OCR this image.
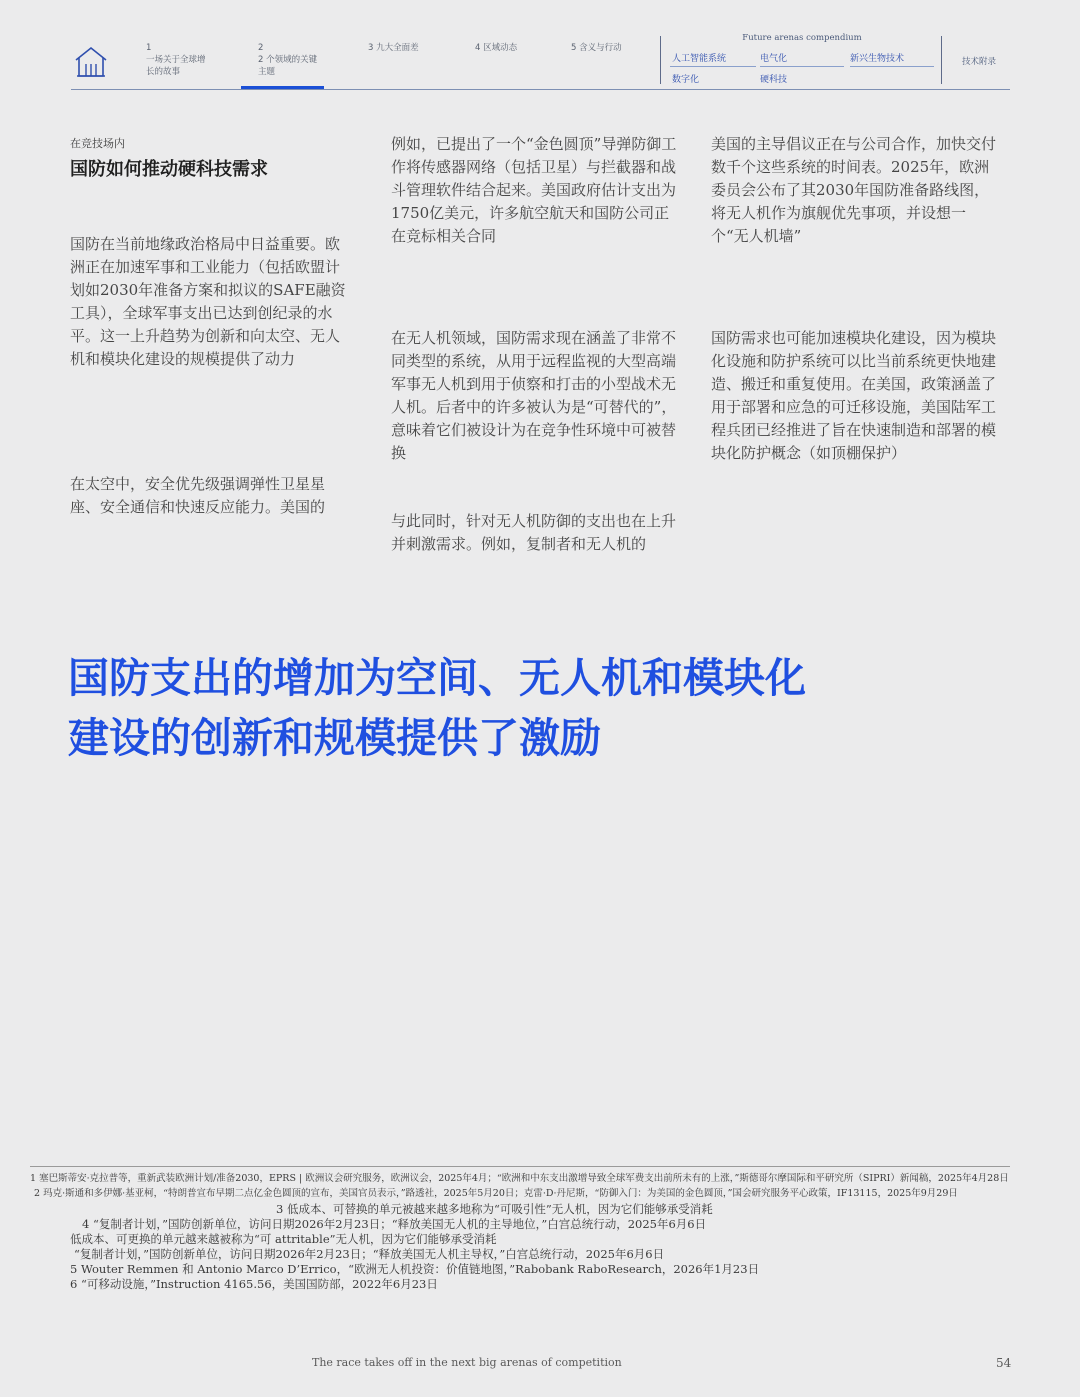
1
一场关于全球增长的故事
2
2 个领域的关键主题
3 九大全面差	4 区域动态	5 含义与行动
Future arenas compendium
人工智能系统	电气化	新兴生物技术
数字化	硬科技
技术附录
在竞技场内
国防如何推动硬科技需求

国防在当前地缘政治格局中日益重要。欧洲正在加速军事和工业能力（包括欧盟计划如2030年准备方案和拟议的SAFE融资工具），全球军事支出已达到创纪录的水平。这一上升趋势为创新和向太空、无人机和模块化建设的规模提供了动力

在太空中，安全优先级强调弹性卫星星座、安全通信和快速反应能力。美国的

例如，已提出了一个“金色圆顶”导弹防御工作将传感器网络（包括卫星）与拦截器和战斗管理软件结合起来。美国政府估计支出为1750亿美元，许多航空航天和国防公司正在竞标相关合同

在无人机领域，国防需求现在涵盖了非常不同类型的系统，从用于远程监视的大型高端军事无人机到用于侦察和打击的小型战术无人机。后者中的许多被认为是“可替代的”，意味着它们被设计为在竞争性环境中可被替换

与此同时，针对无人机防御的支出也在上升并刺激需求。例如，复制者和无人机的

美国的主导倡议正在与公司合作，加快交付数千个这些系统的时间表。2025年，欧洲委员会公布了其2030年国防准备路线图，将无人机作为旗舰优先事项，并设想一个“无人机墙”

国防需求也可能加速模块化建设，因为模块化设施和防护系统可以比当前系统更快地建造、搬迁和重复使用。在美国，政策涵盖了用于部署和应急的可迁移设施，美国陆军工程兵团已经推进了旨在快速制造和部署的模块化防护概念（如顶棚保护）

国防支出的增加为空间、无人机和模块化
建设的创新和规模提供了激励
1 塞巴斯蒂安·克拉普等，重新武装欧洲计划/准备2030，EPRS | 欧洲议会研究服务，欧洲议会，2025年4月；“欧洲和中东支出激增导致全球军费支出前所未有的上涨，”斯德哥尔摩国际和平研究所（SIPRI）新闻稿，2025年4月28日
2 玛克·斯通和多伊娜·基亚柯，“特朗普宣布早期二点亿金色圆顶的宣布，美国官员表示，”路透社，2025年5月20日；克雷·D·丹尼斯，“防御入门：为美国的金色圆顶，”国会研究服务平心政策，IF13115，2025年9月29日
3 低成本、可替换的单元被越来越多地称为“可吸引性”无人机，因为它们能够承受消耗
4 “复制者计划，”国防创新单位，访问日期2026年2月23日；“释放美国无人机的主导地位，”白宫总统行动，2025年6月6日
低成本、可更换的单元越来越被称为“可 attritable”无人机，因为它们能够承受消耗
“复制者计划，”国防创新单位，访问日期2026年2月23日；“释放美国无人机主导权，”白宫总统行动，2025年6月6日
5 Wouter Remmen 和 Antonio Marco D’Errico，“欧洲无人机投资：价值链地图，”Rabobank RaboResearch，2026年1月23日
6 “可移动设施，”Instruction 4165.56，美国国防部，2022年6月23日
The race takes off in the next big arenas of competition	54
